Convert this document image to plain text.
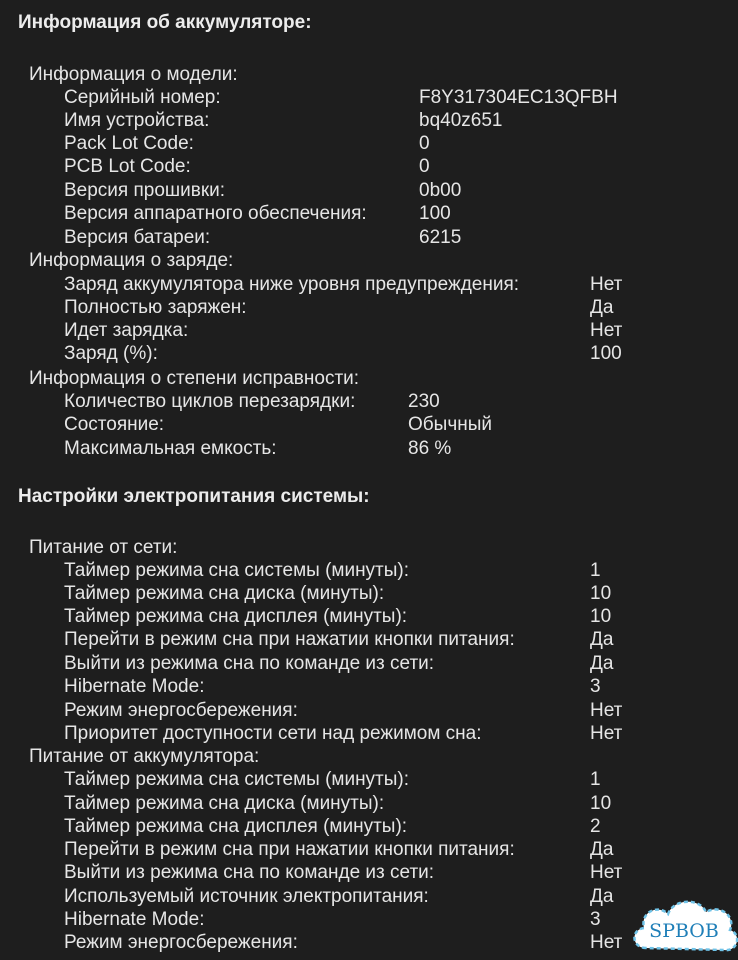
Информация об аккумуляторе:
Информация о модели:
Серийный номер:	F8Y317304EC13QFBH
Имя устройства:	bq40z651
Pack Lot Code:	0
PCB Lot Code:	0
Версия прошивки:	0b00
Версия аппаратного обеспечения:	100
Версия батареи:	6215
Информация о заряде:
Заряд аккумулятора ниже уровня предупреждения:	Нет
Полностью заряжен:	Да
Идет зарядка:	Нет
Заряд (%):	100
Информация о степени исправности:
Количество циклов перезарядки:	230
Состояние:	Обычный
Максимальная емкость:	86 %
Настройки электропитания системы:
Питание от сети:
Таймер режима сна системы (минуты):	1
Таймер режима сна диска (минуты):	10
Таймер режима сна дисплея (минуты):	10
Перейти в режим сна при нажатии кнопки питания:	Да
Выйти из режима сна по команде из сети:	Да
Hibernate Mode:	3
Режим энергосбережения:	Нет
Приоритет доступности сети над режимом сна:	Нет
Питание от аккумулятора:
Таймер режима сна системы (минуты):	1
Таймер режима сна диска (минуты):	10
Таймер режима сна дисплея (минуты):	2
Перейти в режим сна при нажатии кнопки питания:	Да
Выйти из режима сна по команде из сети:	Нет
Используемый источник электропитания:	Да
Hibernate Mode:	3
Режим энергосбережения:	Нет
SPBOB
